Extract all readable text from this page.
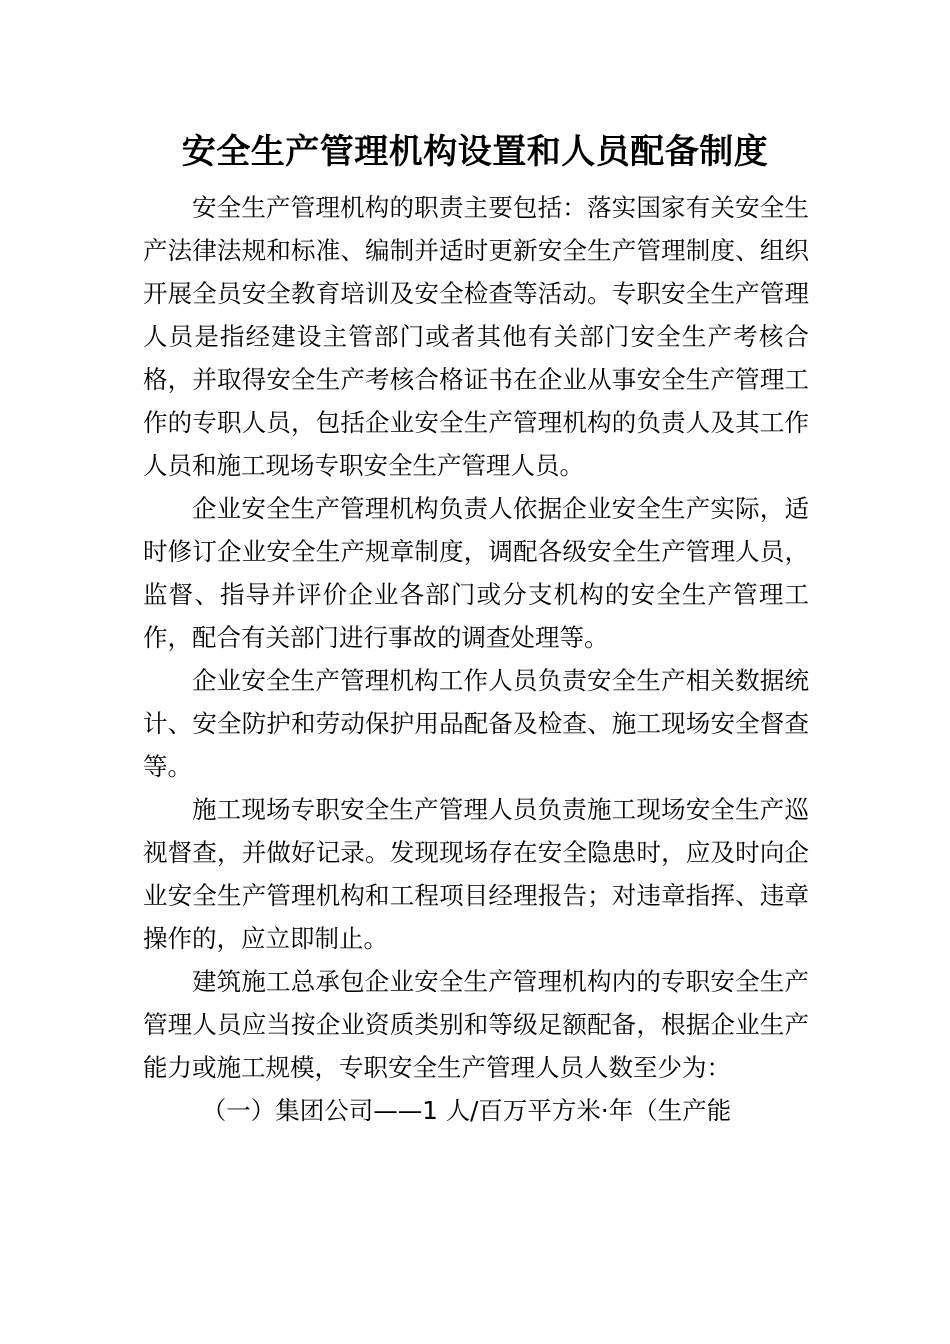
安全生产管理机构设置和人员配备制度

安全生产管理机构的职责主要包括：落实国家有关安全生产法律法规和标准、编制并适时更新安全生产管理制度、组织开展全员安全教育培训及安全检查等活动。专职安全生产管理人员是指经建设主管部门或者其他有关部门安全生产考核合格，并取得安全生产考核合格证书在企业从事安全生产管理工作的专职人员，包括企业安全生产管理机构的负责人及其工作人员和施工现场专职安全生产管理人员。

企业安全生产管理机构负责人依据企业安全生产实际，适时修订企业安全生产规章制度，调配各级安全生产管理人员，监督、指导并评价企业各部门或分支机构的安全生产管理工作，配合有关部门进行事故的调查处理等。

企业安全生产管理机构工作人员负责安全生产相关数据统计、安全防护和劳动保护用品配备及检查、施工现场安全督查等。

施工现场专职安全生产管理人员负责施工现场安全生产巡视督查，并做好记录。发现现场存在安全隐患时，应及时向企业安全生产管理机构和工程项目经理报告；对违章指挥、违章操作的，应立即制止。

建筑施工总承包企业安全生产管理机构内的专职安全生产管理人员应当按企业资质类别和等级足额配备，根据企业生产能力或施工规模，专职安全生产管理人员人数至少为：

（一）集团公司——1 人/百万平方米·年（生产能
